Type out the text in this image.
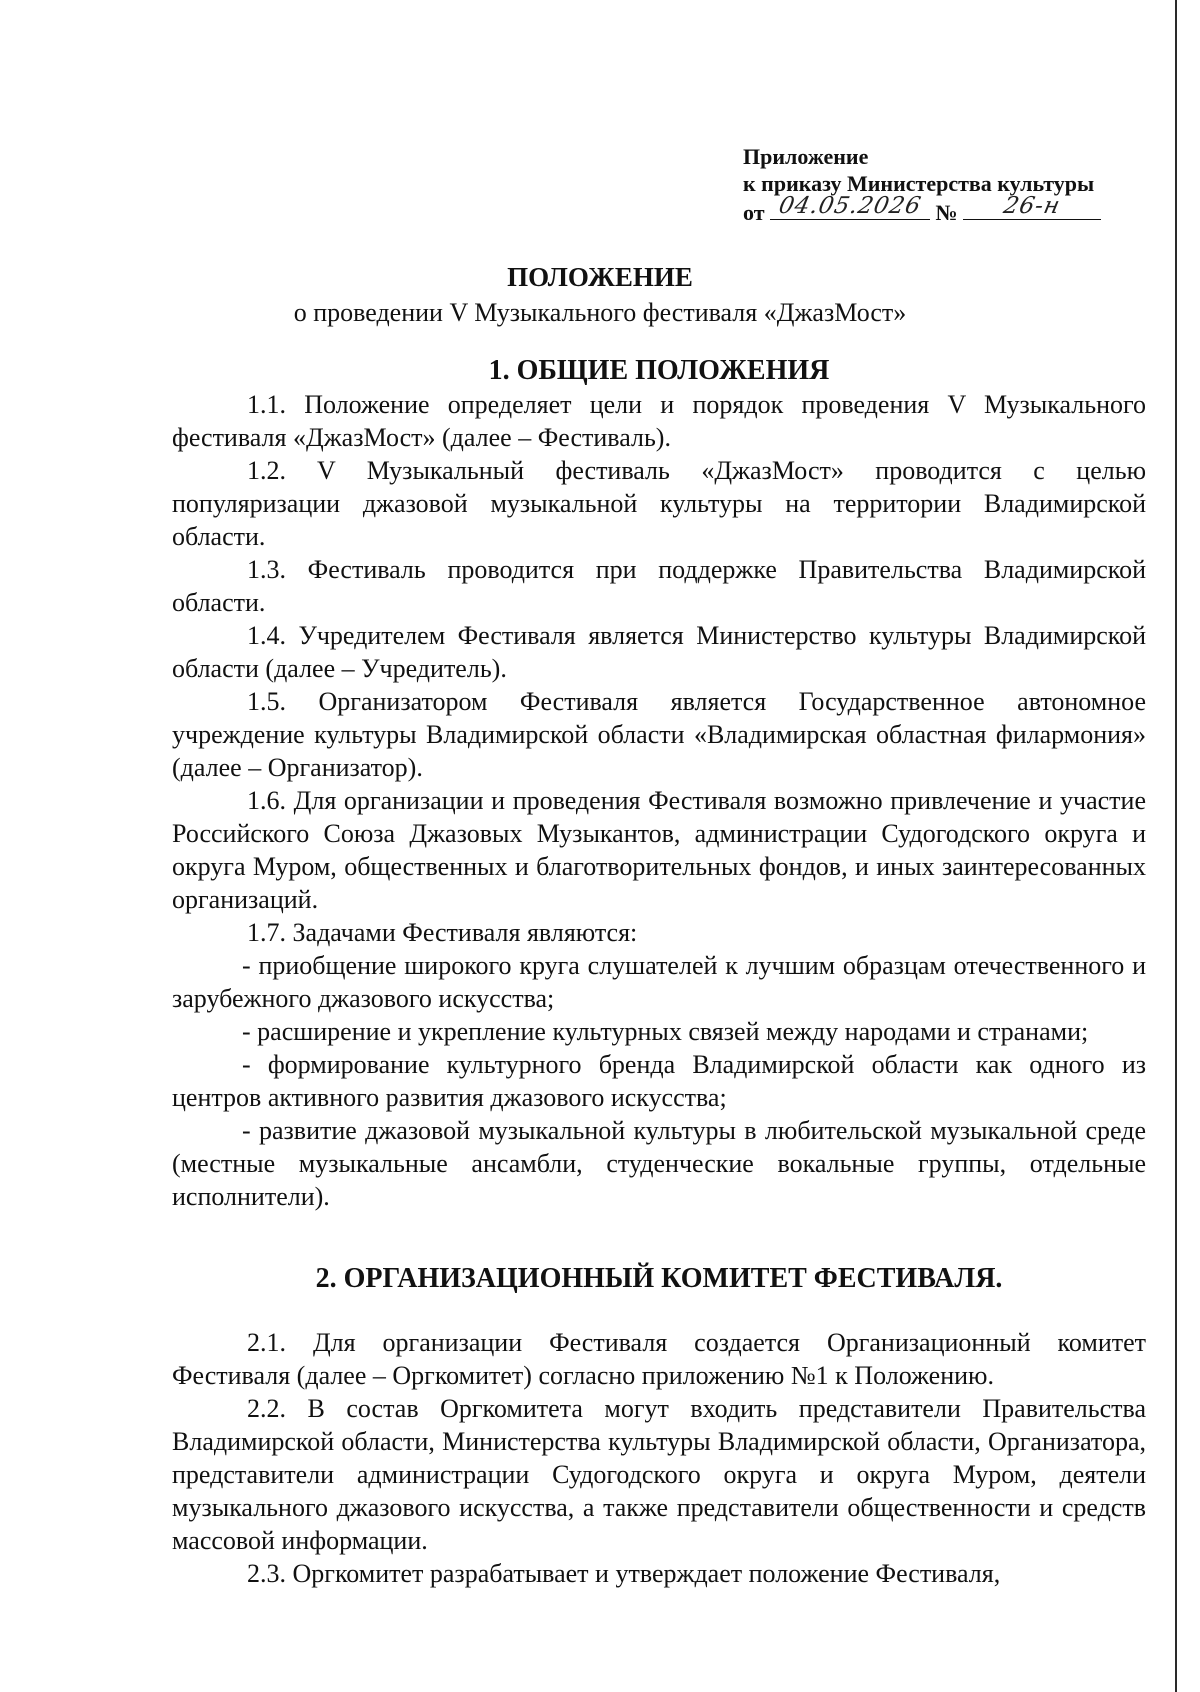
Приложение
к приказу Министерства культуры
от 04.05.2026 №	26-н
ПОЛОЖЕНИЕ
о проведении V Музыкального фестиваля «ДжазМост»
1. ОБЩИЕ ПОЛОЖЕНИЯ

1.1. Положение определяет цели и порядок проведения V Музыкального фестиваля «ДжазМост» (далее – Фестиваль).

1.2. V Музыкальный фестиваль «ДжазМост» проводится с целью популяризации джазовой музыкальной культуры на территории Владимирской области.

1.3. Фестиваль проводится при поддержке Правительства Владимирской области.

1.4. Учредителем Фестиваля является Министерство культуры Владимирской области (далее – Учредитель).

1.5. Организатором Фестиваля является Государственное автономное учреждение культуры Владимирской области «Владимирская областная филармония» (далее – Организатор).

1.6. Для организации и проведения Фестиваля возможно привлечение и участие Российского Союза Джазовых Музыкантов, администрации Судогодского округа и округа Муром, общественных и благотворительных фондов, и иных заинтересованных организаций.

1.7. Задачами Фестиваля являются:

- приобщение широкого круга слушателей к лучшим образцам отечественного и зарубежного джазового искусства;

- расширение и укрепление культурных связей между народами и странами;

- формирование культурного бренда Владимирской области как одного из центров активного развития джазового искусства;

- развитие джазовой музыкальной культуры в любительской музыкальной среде (местные музыкальные ансамбли, студенческие вокальные группы, отдельные исполнители).

2. ОРГАНИЗАЦИОННЫЙ КОМИТЕТ ФЕСТИВАЛЯ.

2.1. Для организации Фестиваля создается Организационный комитет Фестиваля (далее – Оргкомитет) согласно приложению №1 к Положению.

2.2. В состав Оргкомитета могут входить представители Правительства Владимирской области, Министерства культуры Владимирской области, Организатора, представители администрации Судогодского округа и округа Муром, деятели музыкального джазового искусства, а также представители общественности и средств массовой информации.

2.3. Оргкомитет разрабатывает и утверждает положение Фестиваля,
